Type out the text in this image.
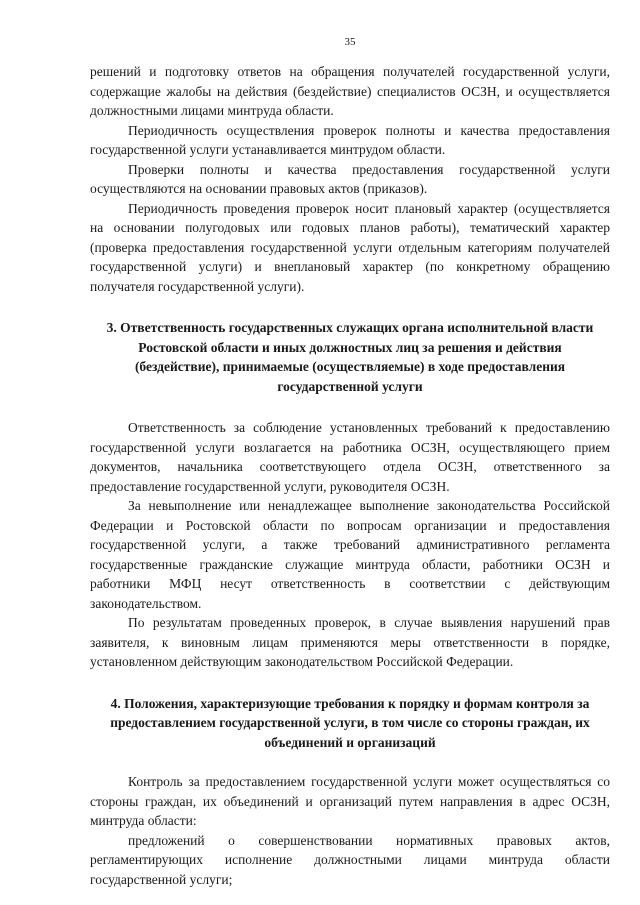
35

решений и подготовку ответов на обращения получателей государственной услуги, содержащие жалобы на действия (бездействие) специалистов ОСЗН, и осуществляется должностными лицами минтруда области.

Периодичность осуществления проверок полноты и качества предоставления государственной услуги устанавливается минтрудом области.

Проверки полноты и качества предоставления государственной услуги осуществляются на основании правовых актов (приказов).

Периодичность проведения проверок носит плановый характер (осуществляется на основании полугодовых или годовых планов работы), тематический характер (проверка предоставления государственной услуги отдельным категориям получателей государственной услуги) и внеплановый характер (по конкретному обращению получателя государственной услуги).

3. Ответственность государственных служащих органа исполнительной власти Ростовской области и иных должностных лиц за решения и действия (бездействие), принимаемые (осуществляемые) в ходе предоставления государственной услуги

Ответственность за соблюдение установленных требований к предоставлению государственной услуги возлагается на работника ОСЗН, осуществляющего прием документов, начальника соответствующего отдела ОСЗН, ответственного за предоставление государственной услуги, руководителя ОСЗН.

За невыполнение или ненадлежащее выполнение законодательства Российской Федерации и Ростовской области по вопросам организации и предоставления государственной услуги, а также требований административного регламента государственные гражданские служащие минтруда области, работники ОСЗН и работники МФЦ несут ответственность в соответствии с действующим законодательством.

По результатам проведенных проверок, в случае выявления нарушений прав заявителя, к виновным лицам применяются меры ответственности в порядке, установленном действующим законодательством Российской Федерации.

4. Положения, характеризующие требования к порядку и формам контроля за предоставлением государственной услуги, в том числе со стороны граждан, их объединений и организаций

Контроль за предоставлением государственной услуги может осуществляться со стороны граждан, их объединений и организаций путем направления в адрес ОСЗН, минтруда области:

предложений о совершенствовании нормативных правовых актов, регламентирующих исполнение должностными лицами минтруда области государственной услуги;
